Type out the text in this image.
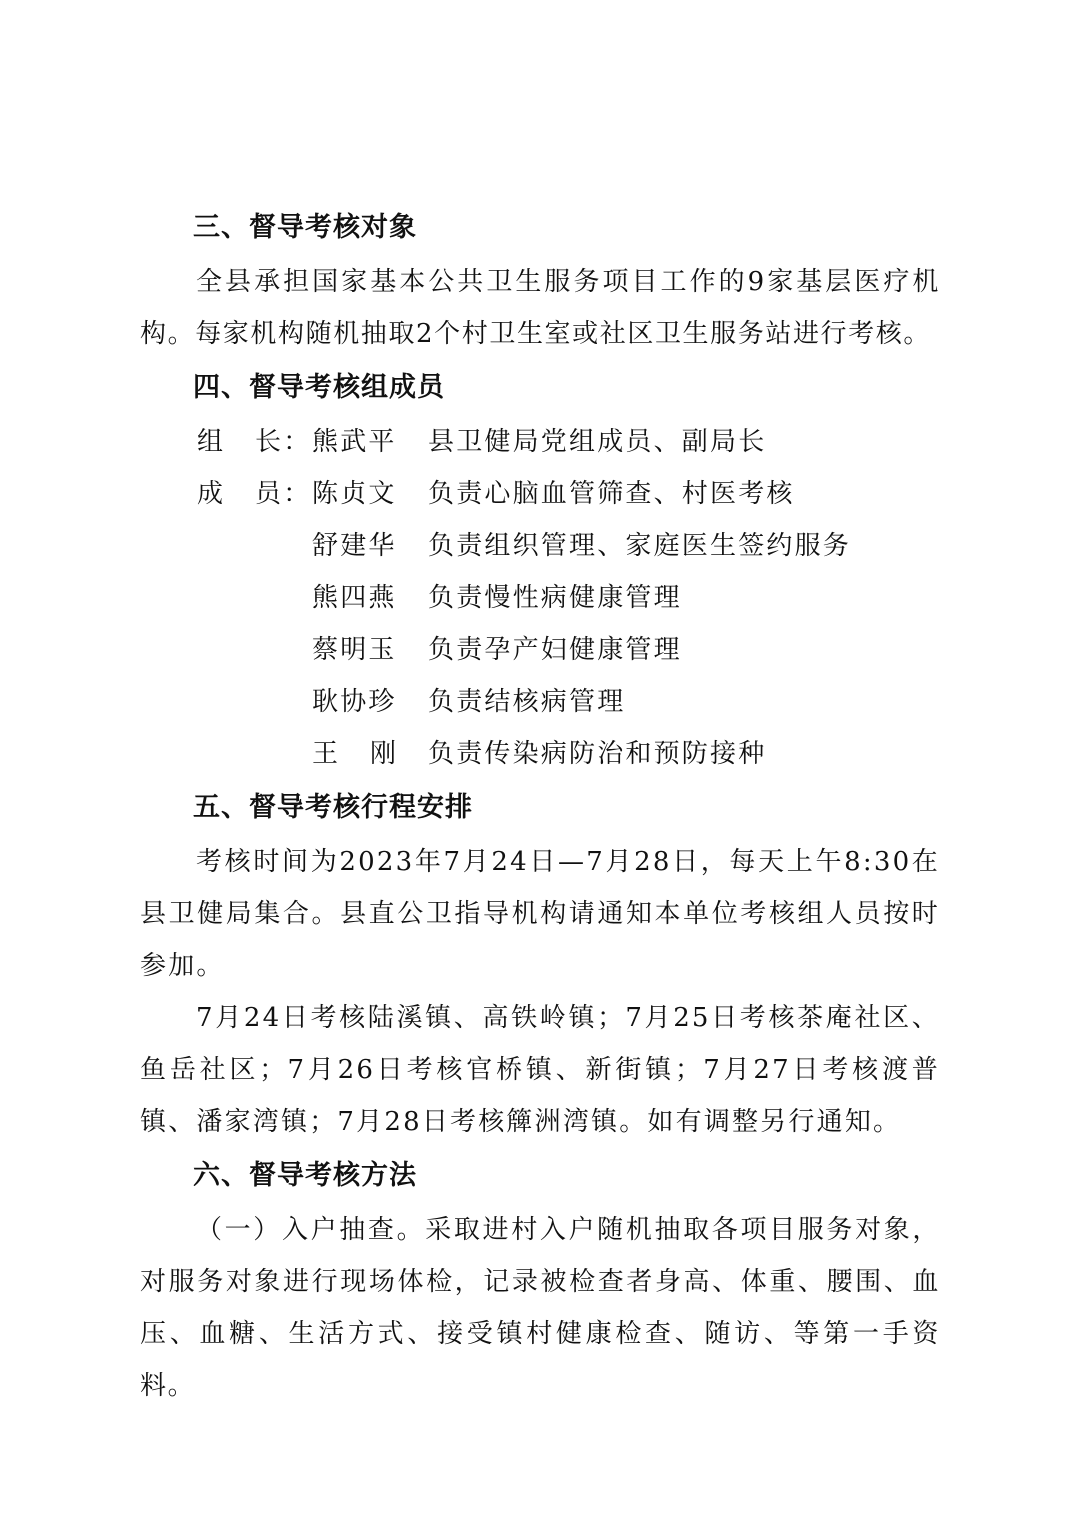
三、督导考核对象

全县承担国家基本公共卫生服务项目工作的9家基层医疗机构。每家机构随机抽取2个村卫生室或社区卫生服务站进行考核。

四、督导考核组成员
组 长： 熊武平	县卫健局党组成员、副局长
成 员： 陈贞文	负责心脑血管筛查、村医考核
舒建华	负责组织管理、家庭医生签约服务
熊四燕	负责慢性病健康管理
蔡明玉	负责孕产妇健康管理
耿协珍	负责结核病管理
王 刚 负责传染病防治和预防接种
五、督导考核行程安排

考核时间为2023年7月24日—7月28日，每天上午8:30在县卫健局集合。县直公卫指导机构请通知本单位考核组人员按时参加。

7月24日考核陆溪镇、高铁岭镇；7月25日考核茶庵社区、鱼岳社区；7月26日考核官桥镇、新街镇；7月27日考核渡普镇、潘家湾镇；7月28日考核簰洲湾镇。如有调整另行通知。

六、督导考核方法

（一）入户抽查。采取进村入户随机抽取各项目服务对象，对服务对象进行现场体检，记录被检查者身高、体重、腰围、血压、血糖、生活方式、接受镇村健康检查、随访、等第一手资料。
